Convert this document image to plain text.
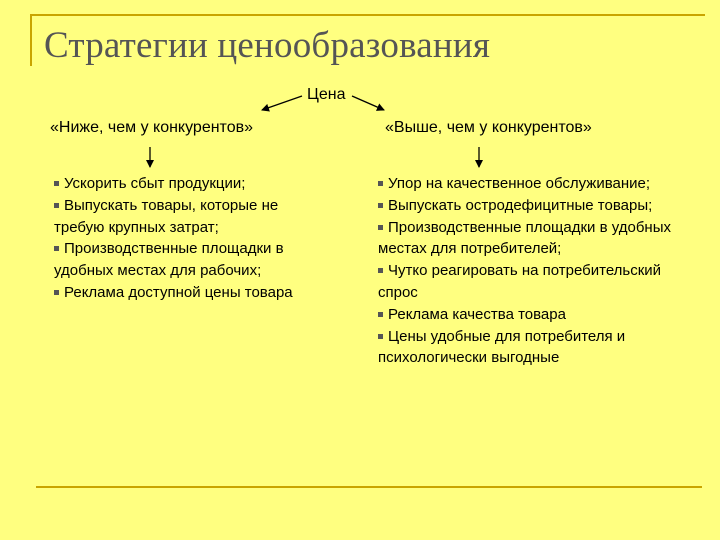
Стратегии ценообразования
Цена
«Ниже, чем у конкурентов»	«Выше, чем у конкурентов»
Ускорить сбыт продукции;
Выпускать товары, которые не требую крупных затрат;
Производственные площадки в удобных местах для рабочих;
Реклама доступной цены товара
Упор на качественное обслуживание;
Выпускать остродефицитные товары;
Производственные площадки в удобных местах для потребителей;
Чутко реагировать на потребительский спрос
Реклама качества товара
Цены удобные для потребителя и психологически выгодные
